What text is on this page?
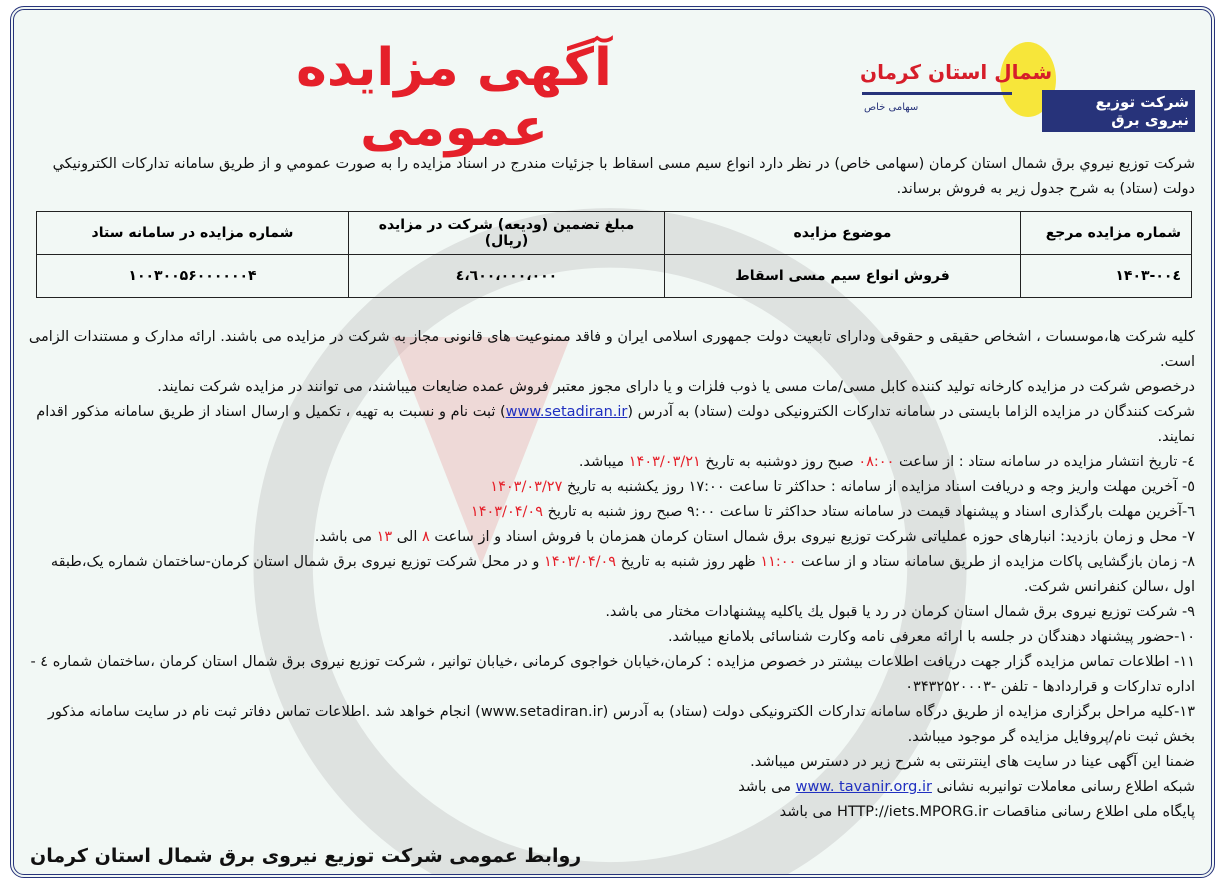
آگهی مزایده عمومی
شمال استان کرمان
سهامی خاص	شرکت توزیع نیروی برق
شرکت توزیع نیروي برق شمال استان کرمان (سهامی خاص) در نظر دارد انواع سیم مسی اسقاط با جزئیات مندرج در اسناد مزایده را به صورت عمومي و از طريق سامانه تداركات الكترونيكي دولت (ستاد) به شرح جدول زیر به فروش برساند.
شماره مزایده مرجع	موضوع مزایده	مبلغ تضمین (ودیعه) شرکت در مزایده (ریال)	شماره مزایده در سامانه ستاد
۱۴۰۳-۰۰٤	فروش انواع سیم مسی اسقاط	٤،٦۰۰،۰۰۰،۰۰۰	۱۰۰۳۰۰۵۶۰۰۰۰۰۰۴

کلیه شرکت ها،موسسات ، اشخاص حقیقی و حقوقی ودارای تابعیت دولت جمهوری اسلامی ایران و فاقد ممنوعیت های قانونی مجاز به شرکت در مزایده می باشند. ارائه مدارک و مستندات الزامی است.

درخصوص شرکت در مزایده کارخانه تولید کننده کابل مسی/مات مسی یا ذوب فلزات و یا دارای مجوز معتبر فروش عمده ضایعات میباشند، می توانند در مزایده شرکت نمایند.

شرکت کنندگان در مزایده الزاما بایستی در سامانه تدارکات الکترونیکی دولت (ستاد) به آدرس (www.setadiran.ir) ثبت نام و نسبت به تهیه ، تکمیل و ارسال اسناد از طریق سامانه مذکور اقدام نمایند.

٤- تاریخ انتشار مزایده در سامانه ستاد : از ساعت ۰۸:۰۰ صبح روز دوشنبه به تاریخ ۱۴۰۳/۰۳/۲۱ میباشد.

٥- آخرین مهلت واریز وجه و دریافت اسناد مزایده از سامانه : حداکثر تا ساعت ۱۷:۰۰ روز یکشنبه به تاریخ ۱۴۰۳/۰۳/۲۷

٦-آخرین مهلت بارگذاری اسناد و پیشنهاد قیمت در سامانه ستاد حداکثر تا ساعت ۹:۰۰ صبح روز شنبه به تاریخ ۱۴۰۳/۰۴/۰۹

۷- محل و زمان بازدید: انبارهای حوزه عملیاتی شرکت توزیع نیروی برق شمال استان کرمان همزمان با فروش اسناد و از ساعت ۸ الی ۱۳ می باشد.

۸- زمان بازگشایی پاکات مزایده از طریق سامانه ستاد و از ساعت ۱۱:۰۰ ظهر روز شنبه به تاریخ ۱۴۰۳/۰۴/۰۹ و در محل شرکت توزیع نیروی برق شمال استان کرمان-ساختمان شماره یک،طبقه اول ،سالن کنفرانس شرکت.

۹- شرکت توزیع نیروی برق شمال استان کرمان در رد یا قبول یك یاکلیه پیشنهادات مختار می باشد.

۱۰-حضور پیشنهاد دهندگان در جلسه با ارائه معرفی نامه وکارت شناسائی بلامانع میباشد.

۱۱- اطلاعات تماس مزایده گزار جهت دریافت اطلاعات بیشتر در خصوص مزایده : کرمان،خیابان خواجوی کرمانی ،خیابان توانیر ، شرکت توزیع نیروی برق شمال استان کرمان ،ساختمان شماره ٤ - اداره تدارکات و قراردادها - تلفن -۰۳۴۳۲۵۲۰۰۰۳

۱۳-کلیه مراحل برگزاری مزایده از طریق درگاه سامانه تدارکات الکترونیکی دولت (ستاد) به آدرس (www.setadiran.ir) انجام خواهد شد .اطلاعات تماس دفاتر ثبت نام در سایت سامانه مذکور بخش ثبت نام/پروفایل مزایده گر موجود میباشد.

ضمنا این آگهی عینا در سایت های اینترنتی به شرح زیر در دسترس میباشد.

شبکه اطلاع رسانی معاملات توانیربه نشانی www. tavanir.org.ir می باشد

پایگاه ملی اطلاع رسانی مناقصات HTTP://iets.MPORG.ir می باشد

روابط عمومی شرکت توزیع نیروی برق شمال استان کرمان
